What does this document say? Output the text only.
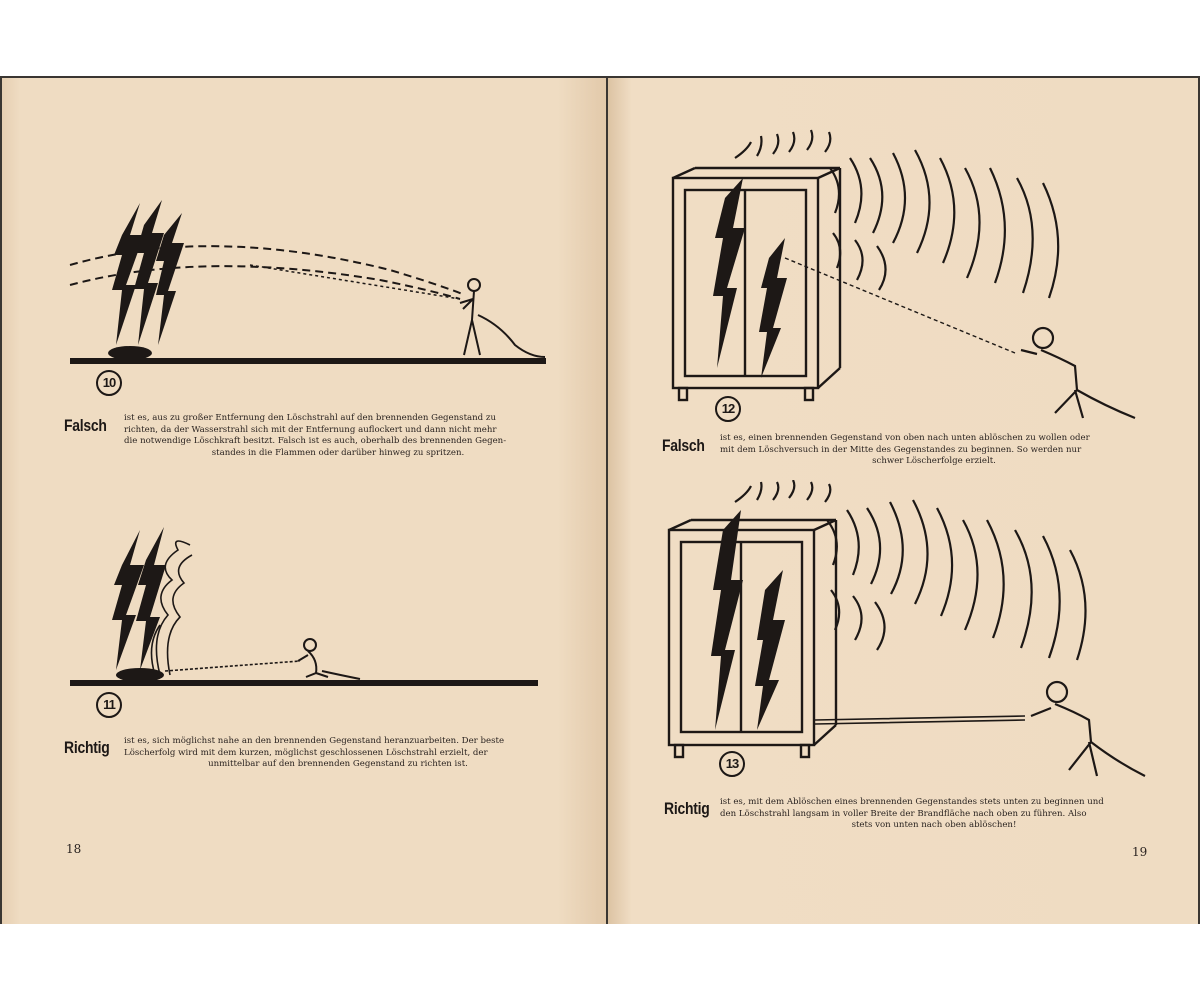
10
Falsch ist es, aus zu großer Entfernung den Löschstrahl auf den brennenden Gegenstand zu
richten, da der Wasserstrahl sich mit der Entfernung auflockert und dann nicht mehr
die notwendige Löschkraft besitzt. Falsch ist es auch, oberhalb des brennenden Gegen-
standes in die Flammen oder darüber hinweg zu spritzen.
11
Richtig ist es, sich möglichst nahe an den brennenden Gegenstand heranzuarbeiten. Der beste
Löscherfolg wird mit dem kurzen, möglichst geschlossenen Löschstrahl erzielt, der
unmittelbar auf den brennenden Gegenstand zu richten ist.
18
12
Falsch ist es, einen brennenden Gegenstand von oben nach unten ablöschen zu wollen oder
mit dem Löschversuch in der Mitte des Gegenstandes zu beginnen. So werden nur
schwer Löscherfolge erzielt.
13
Richtig ist es, mit dem Ablöschen eines brennenden Gegenstandes stets unten zu beginnen und
den Löschstrahl langsam in voller Breite der Brandfläche nach oben zu führen. Also
stets von unten nach oben ablöschen!
19
